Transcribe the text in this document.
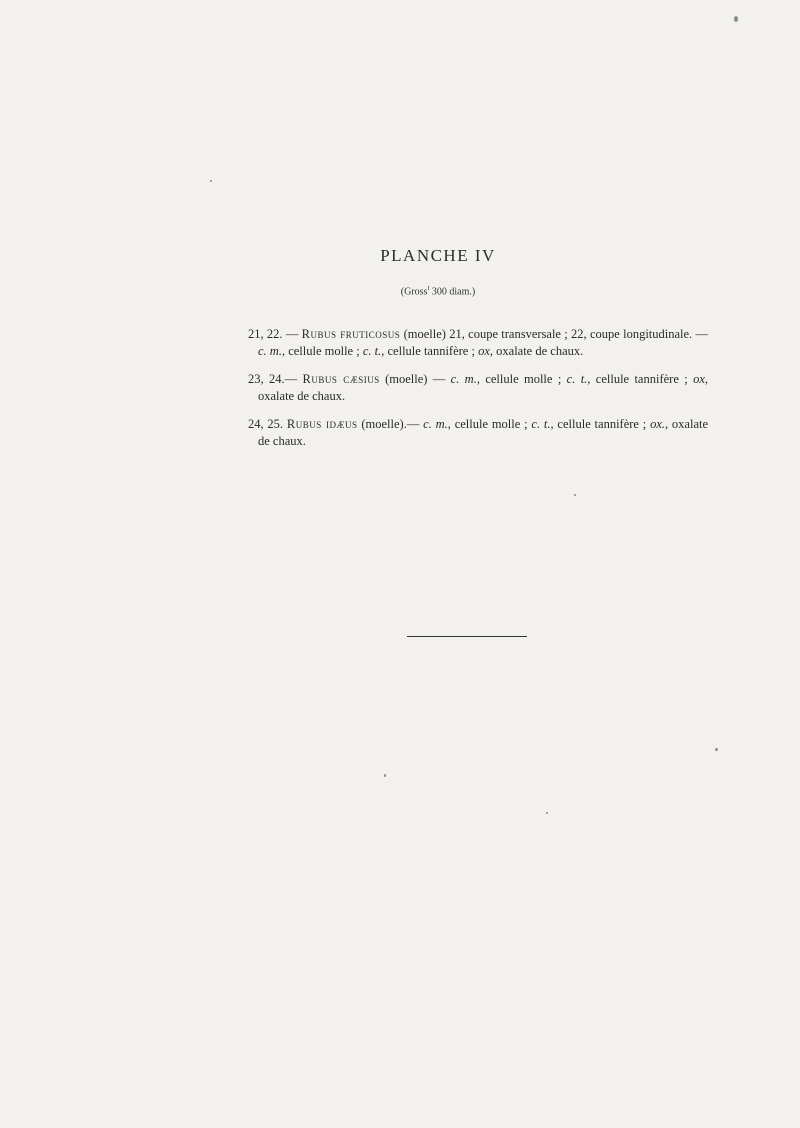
PLANCHE IV
(Gross$^t$ 300 diam.)

21, 22. — Rubus fruticosus (moelle) 21, coupe transversale ; 22, coupe longitudinale. — c. m., cellule molle ; c. t., cellule tannifère ; ox, oxalate de chaux.

23, 24.— Rubus cæsius (moelle) — c. m., cellule molle ; c. t., cellule tannifère ; ox, oxalate de chaux.

24, 25. Rubus idæus (moelle).— c. m., cellule molle ; c. t., cellule tannifère ; ox., oxalate de chaux.
